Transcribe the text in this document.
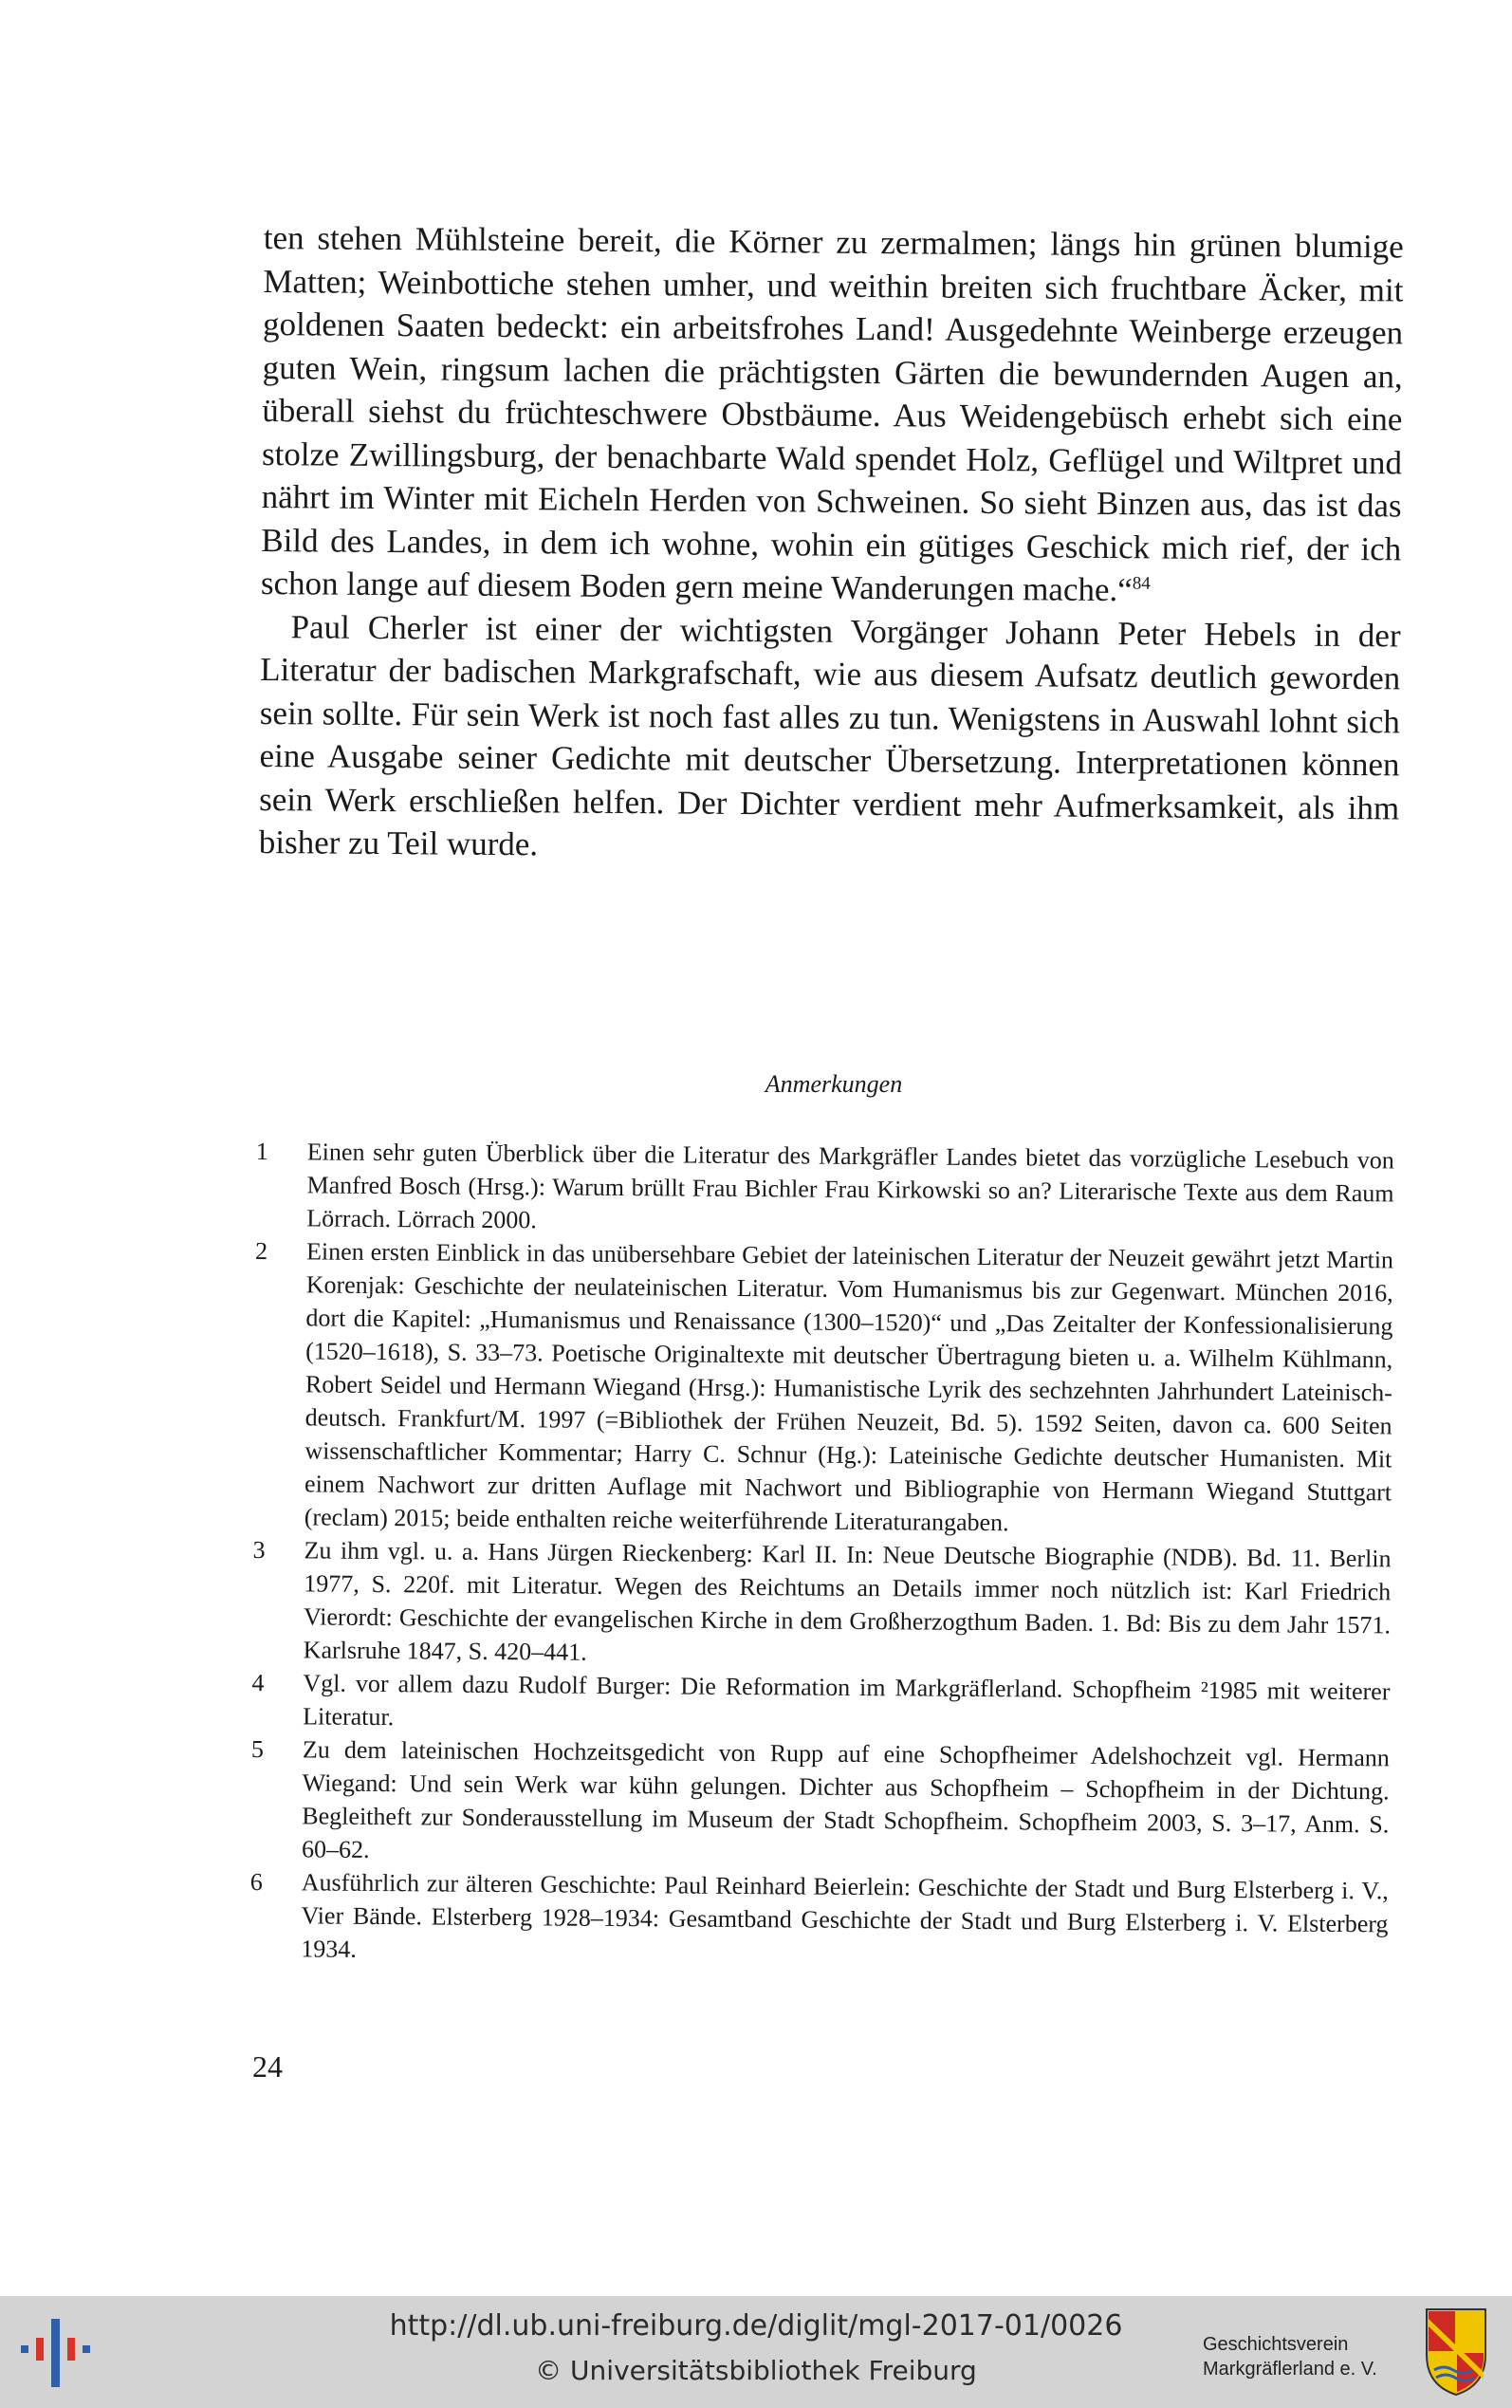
ten stehen Mühlsteine bereit, die Körner zu zermalmen; längs hin grünen blumige Matten; Weinbottiche stehen umher, und weithin breiten sich fruchtbare Äcker, mit goldenen Saaten bedeckt: ein arbeitsfrohes Land! Ausgedehnte Weinberge erzeugen guten Wein, ringsum lachen die prächtigsten Gärten die bewundernden Augen an, überall siehst du früchteschwere Obstbäume. Aus Weidengebüsch erhebt sich eine stolze Zwillingsburg, der benachbarte Wald spendet Holz, Geflügel und Wiltpret und nährt im Winter mit Eicheln Herden von Schweinen. So sieht Binzen aus, das ist das Bild des Landes, in dem ich wohne, wohin ein gütiges Geschick mich rief, der ich schon lange auf diesem Boden gern meine Wanderungen mache.“$^{84}$

Paul Cherler ist einer der wichtigsten Vorgänger Johann Peter Hebels in der Literatur der badischen Markgrafschaft, wie aus diesem Aufsatz deutlich geworden sein sollte. Für sein Werk ist noch fast alles zu tun. Wenigstens in Auswahl lohnt sich eine Ausgabe seiner Gedichte mit deutscher Übersetzung. Interpretationen können sein Werk erschließen helfen. Der Dichter verdient mehr Aufmerksamkeit, als ihm bisher zu Teil wurde.

Anmerkungen
1 Einen sehr guten Überblick über die Literatur des Markgräfler Landes bietet das vorzügliche Lesebuch von Manfred Bosch (Hrsg.): Warum brüllt Frau Bichler Frau Kirkowski so an? Literarische Texte aus dem Raum Lörrach. Lörrach 2000.
2 Einen ersten Einblick in das unübersehbare Gebiet der lateinischen Literatur der Neuzeit gewährt jetzt Martin Korenjak: Geschichte der neulateinischen Literatur. Vom Humanismus bis zur Gegenwart. München 2016, dort die Kapitel: „Humanismus und Renaissance (1300–1520)“ und „Das Zeitalter der Konfessionalisierung (1520–1618), S. 33–73. Poetische Originaltexte mit deutscher Übertragung bieten u. a. Wilhelm Kühlmann, Robert Seidel und Hermann Wiegand (Hrsg.): Humanistische Lyrik des sechzehnten Jahrhundert Lateinisch-deutsch. Frankfurt/M. 1997 (=Bibliothek der Frühen Neuzeit, Bd. 5). 1592 Seiten, davon ca. 600 Seiten wissenschaftlicher Kommentar; Harry C. Schnur (Hg.): Lateinische Gedichte deutscher Humanisten. Mit einem Nachwort zur dritten Auflage mit Nachwort und Bibliographie von Hermann Wiegand Stuttgart (reclam) 2015; beide enthalten reiche weiterführende Literaturangaben.
3 Zu ihm vgl. u. a. Hans Jürgen Rieckenberg: Karl II. In: Neue Deutsche Biographie (NDB). Bd. 11. Berlin 1977, S. 220f. mit Literatur. Wegen des Reichtums an Details immer noch nützlich ist: Karl Friedrich Vierordt: Geschichte der evangelischen Kirche in dem Großherzogthum Baden. 1. Bd: Bis zu dem Jahr 1571. Karlsruhe 1847, S. 420–441.
4 Vgl. vor allem dazu Rudolf Burger: Die Reformation im Markgräflerland. Schopfheim ²1985 mit weiterer Literatur.
5 Zu dem lateinischen Hochzeitsgedicht von Rupp auf eine Schopfheimer Adelshochzeit vgl. Hermann Wiegand: Und sein Werk war kühn gelungen. Dichter aus Schopfheim – Schopfheim in der Dichtung. Begleitheft zur Sonderausstellung im Museum der Stadt Schopfheim. Schopfheim 2003, S. 3–17, Anm. S. 60–62.
6 Ausführlich zur älteren Geschichte: Paul Reinhard Beierlein: Geschichte der Stadt und Burg Elsterberg i. V., Vier Bände. Elsterberg 1928–1934: Gesamtband Geschichte der Stadt und Burg Elsterberg i. V. Elsterberg 1934.
24
http://dl.ub.uni-freiburg.de/diglit/mgl-2017-01/0026
© Universitätsbibliothek Freiburg
Geschichtsverein
Markgräflerland e. V.
